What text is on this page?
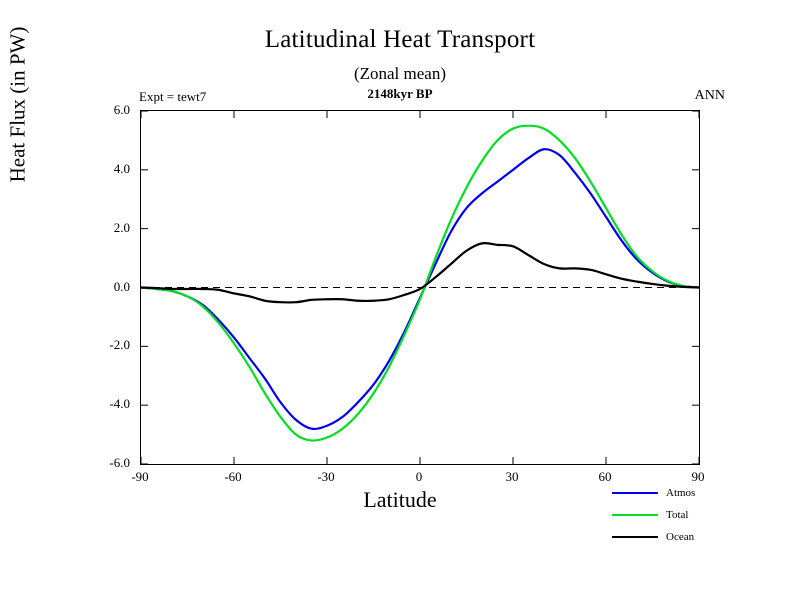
Latitudinal Heat Transport
(Zonal mean)
Expt = tewt7	2148kyr BP	ANN
Heat Flux (in PW)
Latitude
-90	-60	-30	0	30	60	90
-6.0
-4.0
-2.0
0.0
2.0
4.0
6.0
Atmos
Total
Ocean
